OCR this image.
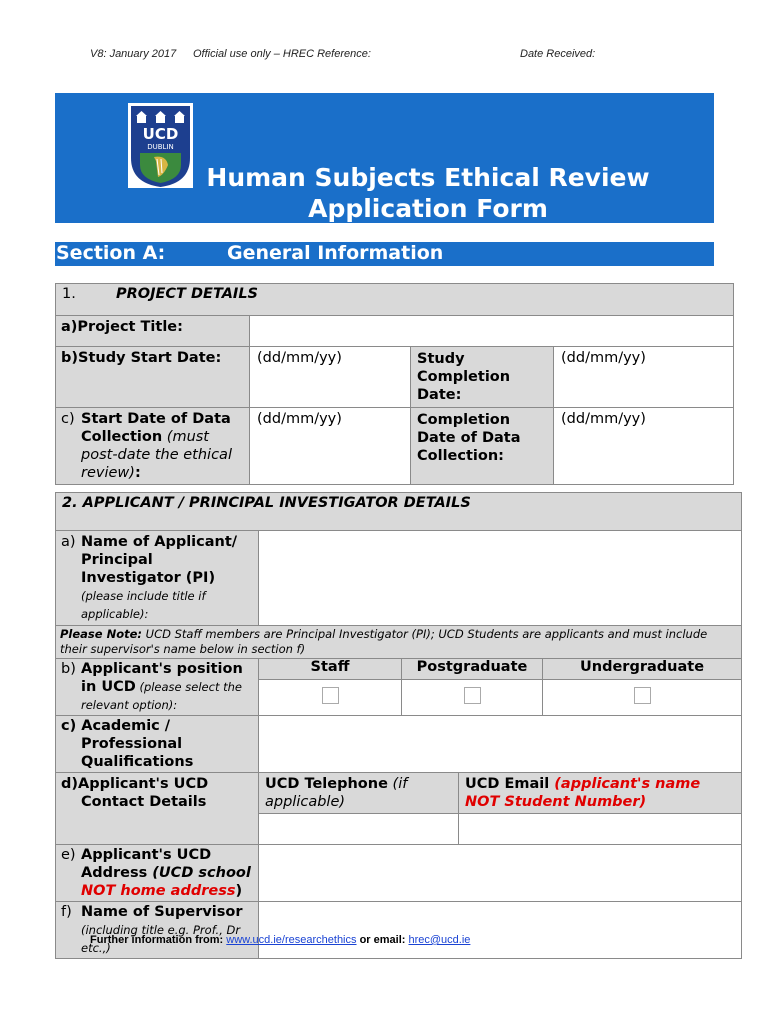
V8: January 2017 Official use only – HREC Reference:	Date Received:
UCD
DUBLIN
Human Subjects Ethical Review
Application Form
Section A:	General Information
1. PROJECT DETAILS			
a)Project Title:			
b)Study Start Date:	(dd/mm/yy)	Study Completion Date:	(dd/mm/yy)

c) Start Date of Data Collection (must post-date the ethical review):	(dd/mm/yy)	Completion Date of Data Collection:	(dd/mm/yy)
2. APPLICANT / PRINCIPAL INVESTIGATOR DETAILS				

a) Name of Applicant/ Principal Investigator (PI)
(please include title if applicable):				

Please Note: UCD Staff members are Principal Investigator (PI); UCD Students are applicants and must include their supervisor's name below in section f)				

b) Applicant's position in UCD (please select the relevant option):	Staff	Postgraduate		Undergraduate

c) Academic / Professional Qualifications				
d)Applicant's UCD Contact Details	UCD Telephone (if applicable)		UCD Email (applicant's name NOT Student Number)	

e) Applicant's UCD Address (UCD school NOT home address)				

f) Name of Supervisor
(including title e.g. Prof., Dr etc.,)				

Further information from: www.ucd.ie/researchethics or email: hrec@ucd.ie
